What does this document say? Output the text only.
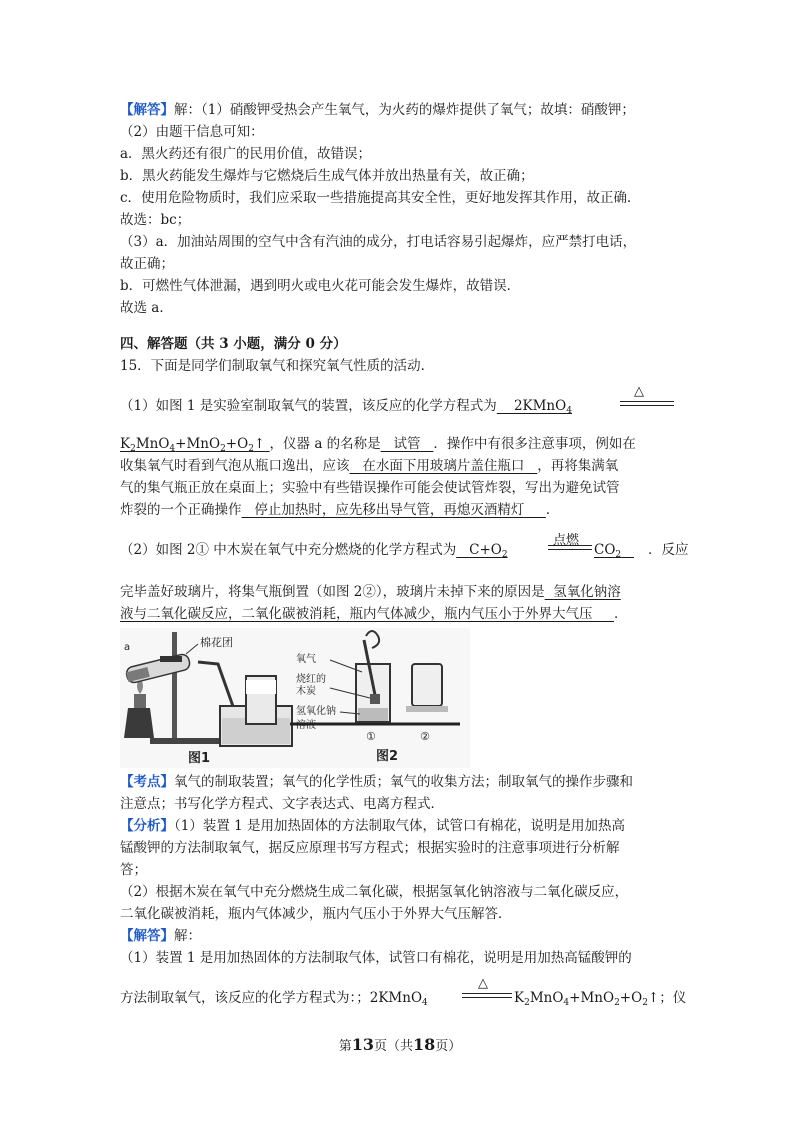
【解答】解：（1）硝酸钾受热会产生氧气，为火药的爆炸提供了氧气；故填：硝酸钾；
（2）由题干信息可知：
a．黑火药还有很广的民用价值，故错误；
b．黑火药能发生爆炸与它燃烧后生成气体并放出热量有关，故正确；
c．使用危险物质时，我们应采取一些措施提高其安全性，更好地发挥其作用，故正确．
故选：bc；
（3）a．加油站周围的空气中含有汽油的成分，打电话容易引起爆炸，应严禁打电话，
故正确；
b．可燃性气体泄漏，遇到明火或电火花可能会发生爆炸，故错误．
故选 a．
四、解答题（共 3 小题，满分 0 分）
15．下面是同学们制取氧气和探究氧气性质的活动．
（1）如图 1 是实验室制取氧气的装置，该反应的化学方程式为 2KMnO$_4$
△
$K_2MnO_4+MnO_2+O_2↑$ ，仪器 a 的名称是 试管 ．操作中有很多注意事项，例如在
收集氧气时看到气泡从瓶口逸出，应该 在水面下用玻璃片盖住瓶口 ，再将集满氧
气的集气瓶正放在桌面上；实验中有些错误操作可能会使试管炸裂，写出为避免试管
炸裂的一个正确操作 停止加热时，应先移出导气管，再熄灭酒精灯 ．
（2）如图 2① 中木炭在氧气中充分燃烧的化学方程式为 $C+O_2$
点燃
$CO_2$	．反应
完毕盖好玻璃片，将集气瓶倒置（如图 2②），玻璃片未掉下来的原因是 氢氧化钠溶
液与二氧化碳反应，二氧化碳被消耗，瓶内气体减少，瓶内气压小于外界大气压 ．
棉花团
a
图1
氧气
烧红的
木炭
氢氧化钠
溶液
①	②
图2
【考点】氧气的制取装置；氧气的化学性质；氧气的收集方法；制取氧气的操作步骤和
注意点；书写化学方程式、文字表达式、电离方程式．
【分析】（1）装置 1 是用加热固体的方法制取气体，试管口有棉花，说明是用加热高
锰酸钾的方法制取氧气，据反应原理书写方程式；根据实验时的注意事项进行分析解
答；
（2）根据木炭在氧气中充分燃烧生成二氧化碳，根据氢氧化钠溶液与二氧化碳反应，
二氧化碳被消耗，瓶内气体减少，瓶内气压小于外界大气压解答．
【解答】解：
（1）装置 1 是用加热固体的方法制取气体，试管口有棉花，说明是用加热高锰酸钾的
方法制取氧气，该反应的化学方程式为：；2KMnO$_4$
△
$K_2MnO_4+MnO_2+O_2↑$；仪
第13页（共18页）
